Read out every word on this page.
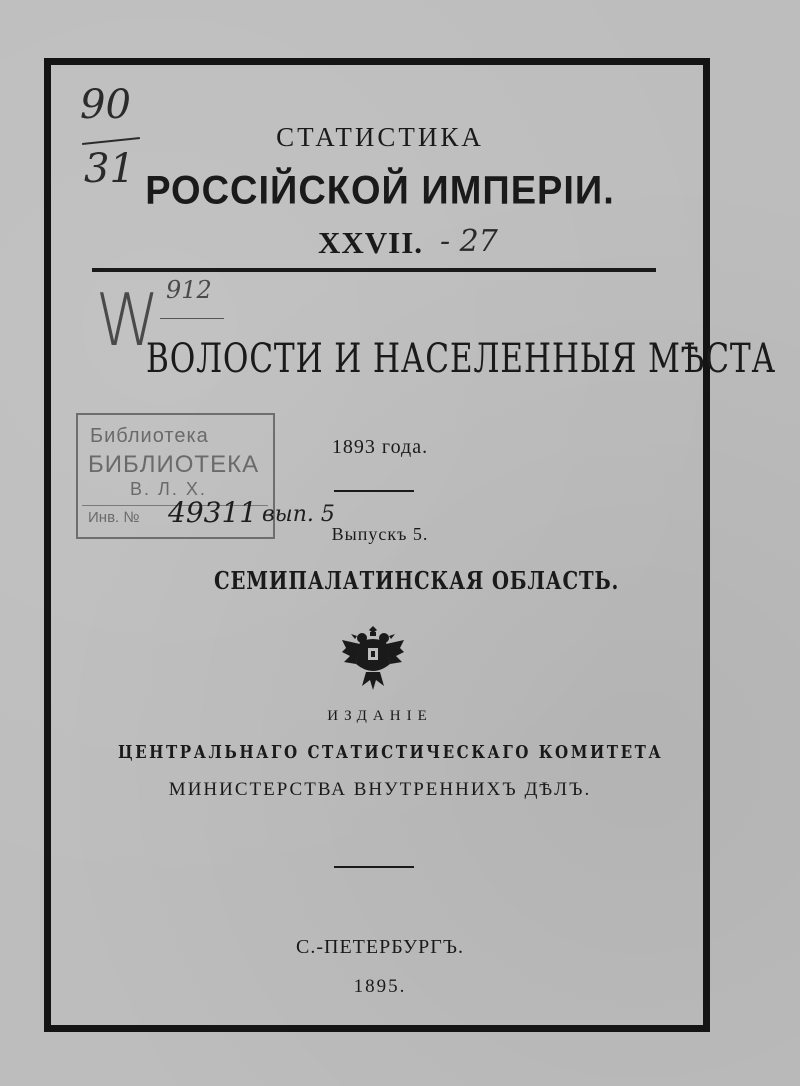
90
31
СТАТИСТИКА
РОССІЙСКОЙ ИМПЕРІИ.
XXVII. - 27
W 912
ВОЛОСТИ И НАСЕЛЕННЫЯ МѢСТА
Библиотека
БИБЛИОТЕКА
В. Л. Х.
Инв. № 49311 вып. 5
1893 года.
Выпускъ 5.
СЕМИПАЛАТИНСКАЯ ОБЛАСТЬ.
ИЗДАНІЕ
ЦЕНТРАЛЬНАГО СТАТИСТИЧЕСКАГО КОМИТЕТА
МИНИСТЕРСТВА ВНУТРЕННИХЪ ДѢЛЪ.
С.-ПЕТЕРБУРГЪ.
1895.
